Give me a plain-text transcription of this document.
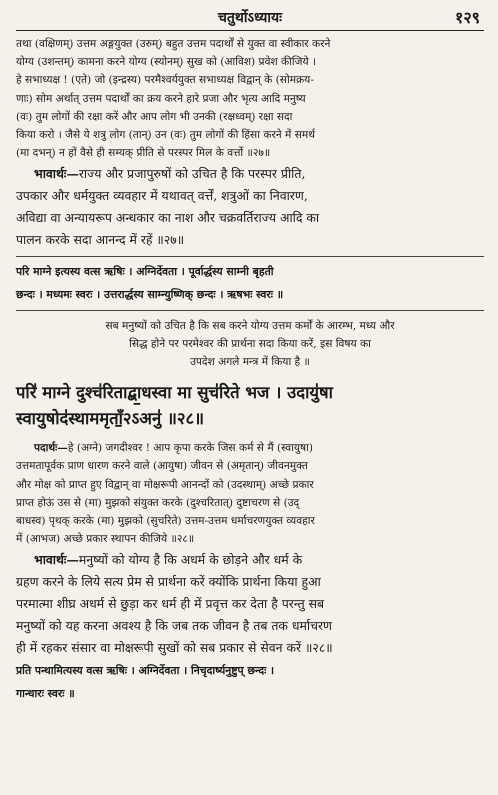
चतुर्थोऽध्यायः	१२९

तथा (वक्षिणम्) उत्तम अङ्गयुक्त (उरुम्) बहुत उत्तम पदार्थों से युक्त वा स्वीकार करने

योग्य (उशन्तम्) कामना करने योग्य (स्योनम्) सुख को (आविश) प्रवेश कीजिये ।

हे सभाध्यक्ष ! (एते) जो (इन्द्रस्य) परमैश्वर्ययुक्त सभाध्यक्ष विद्वान् के (सोमक्रय-

णाः) सोम अर्थात् उत्तम पदार्थों का क्रय करने हारे प्रजा और भृत्य आदि मनुष्य

(वः) तुम लोगों की रक्षा करें और आप लोग भी उनकी (रक्षध्वम्) रक्षा सदा

किया करो । जैसे ये शत्रु लोग (तान्) उन (वः) तुम लोगों की हिंसा करने में समर्थ

(मा दभन्) न हों वैसे ही सम्यक् प्रीति से परस्पर मिल के वर्त्तो ॥२७॥

भावार्थः—राज्य और प्रजापुरुषों को उचित है कि परस्पर प्रीति,

उपकार और धर्मयुक्त व्यवहार में यथावत् वर्त्तें, शत्रुओं का निवारण,

अविद्या वा अन्यायरूप अन्धकार का नाश और चक्रवर्तिराज्य आदि का

पालन करके सदा आनन्द में रहें ॥२७॥

परि माग्ने इत्यस्य वत्स ऋषिः । अग्निर्देवता । पूर्वार्द्धस्य साम्नी बृहती

छन्दः । मध्यमः स्वरः । उत्तरार्द्धस्य साम्न्युष्णिक् छन्दः । ऋषभः स्वरः ॥

सब मनुष्यों को उचित है कि सब करने योग्य उत्तम कर्मों के आरम्भ, मध्य और

सिद्ध होने पर परमेश्वर की प्रार्थना सदा किया करें, इस विषय का

उपदेश अगले मन्त्र में किया है ॥

परि॑ माग्ने दुश्च॑रिताद्बा॒धस्वा मा सुच॑रिते भज । उदायु॑षा
स्वायुषोद॑स्थाममृताँ॒२ऽअनु॑ ॥२८॥

पदार्थः—हे (अग्ने) जगदीश्वर ! आप कृपा करके जिस कर्म से मैं (स्वायुषा)

उत्तमतापूर्वक प्राण धारण करने वाले (आयुषा) जीवन से (अमृतान्) जीवनमुक्त

और मोक्ष को प्राप्त हुए विद्वान् वा मोक्षरूपी आनन्दों को (उदस्थाम्) अच्छे प्रकार

प्राप्त होऊं उस से (मा) मुझको संयुक्त करके (दुश्चरितात्) दुष्टाचरण से (उद्

बाधस्व) पृथक् करके (मा) मुझको (सुचरिते) उत्तम-उत्तम धर्माचरणयुक्त व्यवहार

में (आभज) अच्छे प्रकार स्थापन कीजिये ॥२८॥

भावार्थः—मनुष्यों को योग्य है कि अधर्म के छोड़ने और धर्म के

ग्रहण करने के लिये सत्य प्रेम से प्रार्थना करें क्योंकि प्रार्थना किया हुआ

परमात्मा शीघ्र अधर्म से छुड़ा कर धर्म ही में प्रवृत्त कर देता है परन्तु सब

मनुष्यों को यह करना अवश्य है कि जब तक जीवन है तब तक धर्माचरण

ही में रहकर संसार वा मोक्षरूपी सुखों को सब प्रकार से सेवन करें ॥२८॥

प्रति पन्थामित्यस्य वत्स ऋषिः । अग्निर्देवता । निचृदार्ष्यनुष्टुप् छन्दः ।

गान्धारः स्वरः ॥
